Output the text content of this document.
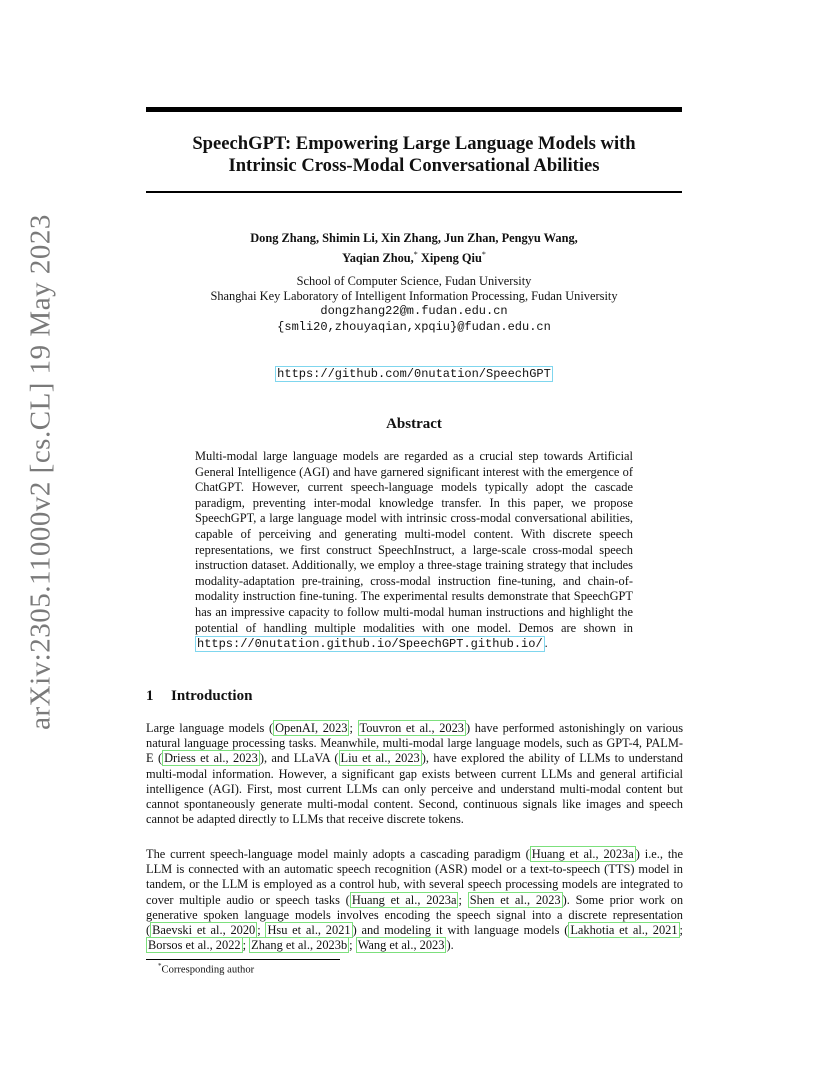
arXiv:2305.11000v2 [cs.CL] 19 May 2023
SpeechGPT: Empowering Large Language Models with
Intrinsic Cross-Modal Conversational Abilities
Dong Zhang, Shimin Li, Xin Zhang, Jun Zhan, Pengyu Wang,
Yaqian Zhou,* Xipeng Qiu*
School of Computer Science, Fudan University
Shanghai Key Laboratory of Intelligent Information Processing, Fudan University
dongzhang22@m.fudan.edu.cn
{smli20,zhouyaqian,xpqiu}@fudan.edu.cn
https://github.com/0nutation/SpeechGPT
Abstract
Multi-modal large language models are regarded as a crucial step towards Artificial General Intelligence (AGI) and have garnered significant interest with the emergence of ChatGPT. However, current speech-language models typically adopt the cascade paradigm, preventing inter-modal knowledge transfer. In this paper, we propose SpeechGPT, a large language model with intrinsic cross-modal conversational abilities, capable of perceiving and generating multi-model content. With discrete speech representations, we first construct SpeechInstruct, a large-scale cross-modal speech instruction dataset. Additionally, we employ a three-stage training strategy that includes modality-adaptation pre-training, cross-modal instruction fine-tuning, and chain-of-modality instruction fine-tuning. The experimental results demonstrate that SpeechGPT has an impressive capacity to follow multi-modal human instructions and highlight the potential of handling multiple modalities with one model. Demos are shown in https://0nutation.github.io/SpeechGPT.github.io/ .
1 Introduction
Large language models ( OpenAI, 2023 ; Touvron et al., 2023 ) have performed astonishingly on various natural language processing tasks. Meanwhile, multi-modal large language models, such as GPT-4, PALM-E ( Driess et al., 2023 ), and LLaVA ( Liu et al., 2023 ), have explored the ability of LLMs to understand multi-modal information. However, a significant gap exists between current LLMs and general artificial intelligence (AGI). First, most current LLMs can only perceive and understand multi-modal content but cannot spontaneously generate multi-modal content. Second, continuous signals like images and speech cannot be adapted directly to LLMs that receive discrete tokens.
The current speech-language model mainly adopts a cascading paradigm ( Huang et al., 2023a ) i.e., the LLM is connected with an automatic speech recognition (ASR) model or a text-to-speech (TTS) model in tandem, or the LLM is employed as a control hub, with several speech processing models are integrated to cover multiple audio or speech tasks ( Huang et al., 2023a ; Shen et al., 2023 ). Some prior work on generative spoken language models involves encoding the speech signal into a discrete representation ( Baevski et al., 2020 ; Hsu et al., 2021 ) and modeling it with language models ( Lakhotia et al., 2021 ; Borsos et al., 2022 ; Zhang et al., 2023b ; Wang et al., 2023 ).
*Corresponding author
